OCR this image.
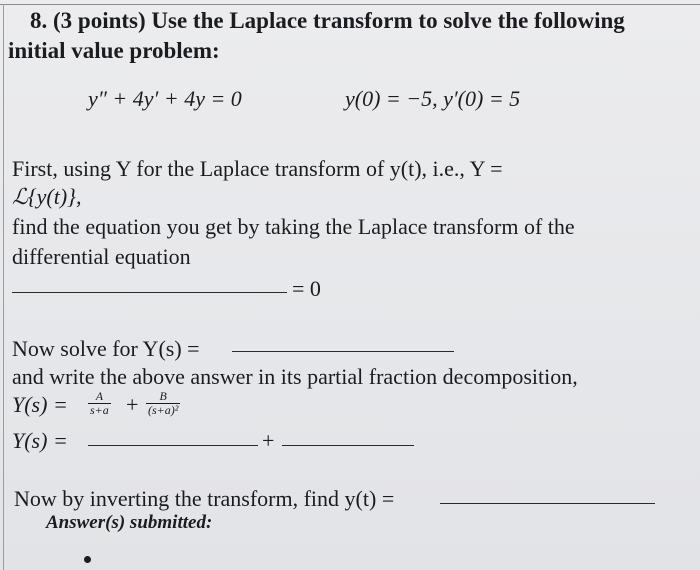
8. (3 points) Use the Laplace transform to solve the following
initial value problem:
y″ + 4y′ + 4y = 0	y(0) = −5, y′(0) = 5
First, using Y for the Laplace transform of y(t), i.e., Y =
ℒ{y(t)},
find the equation you get by taking the Laplace transform of the
differential equation
= 0
Now solve for Y(s) =
and write the above answer in its partial fraction decomposition,
$Y(s) = \frac{A}{s+a} + \frac{B}{\text{(s+a)²}}$
Y(s) =	+
Now by inverting the transform, find y(t) =
Answer(s) submitted:
